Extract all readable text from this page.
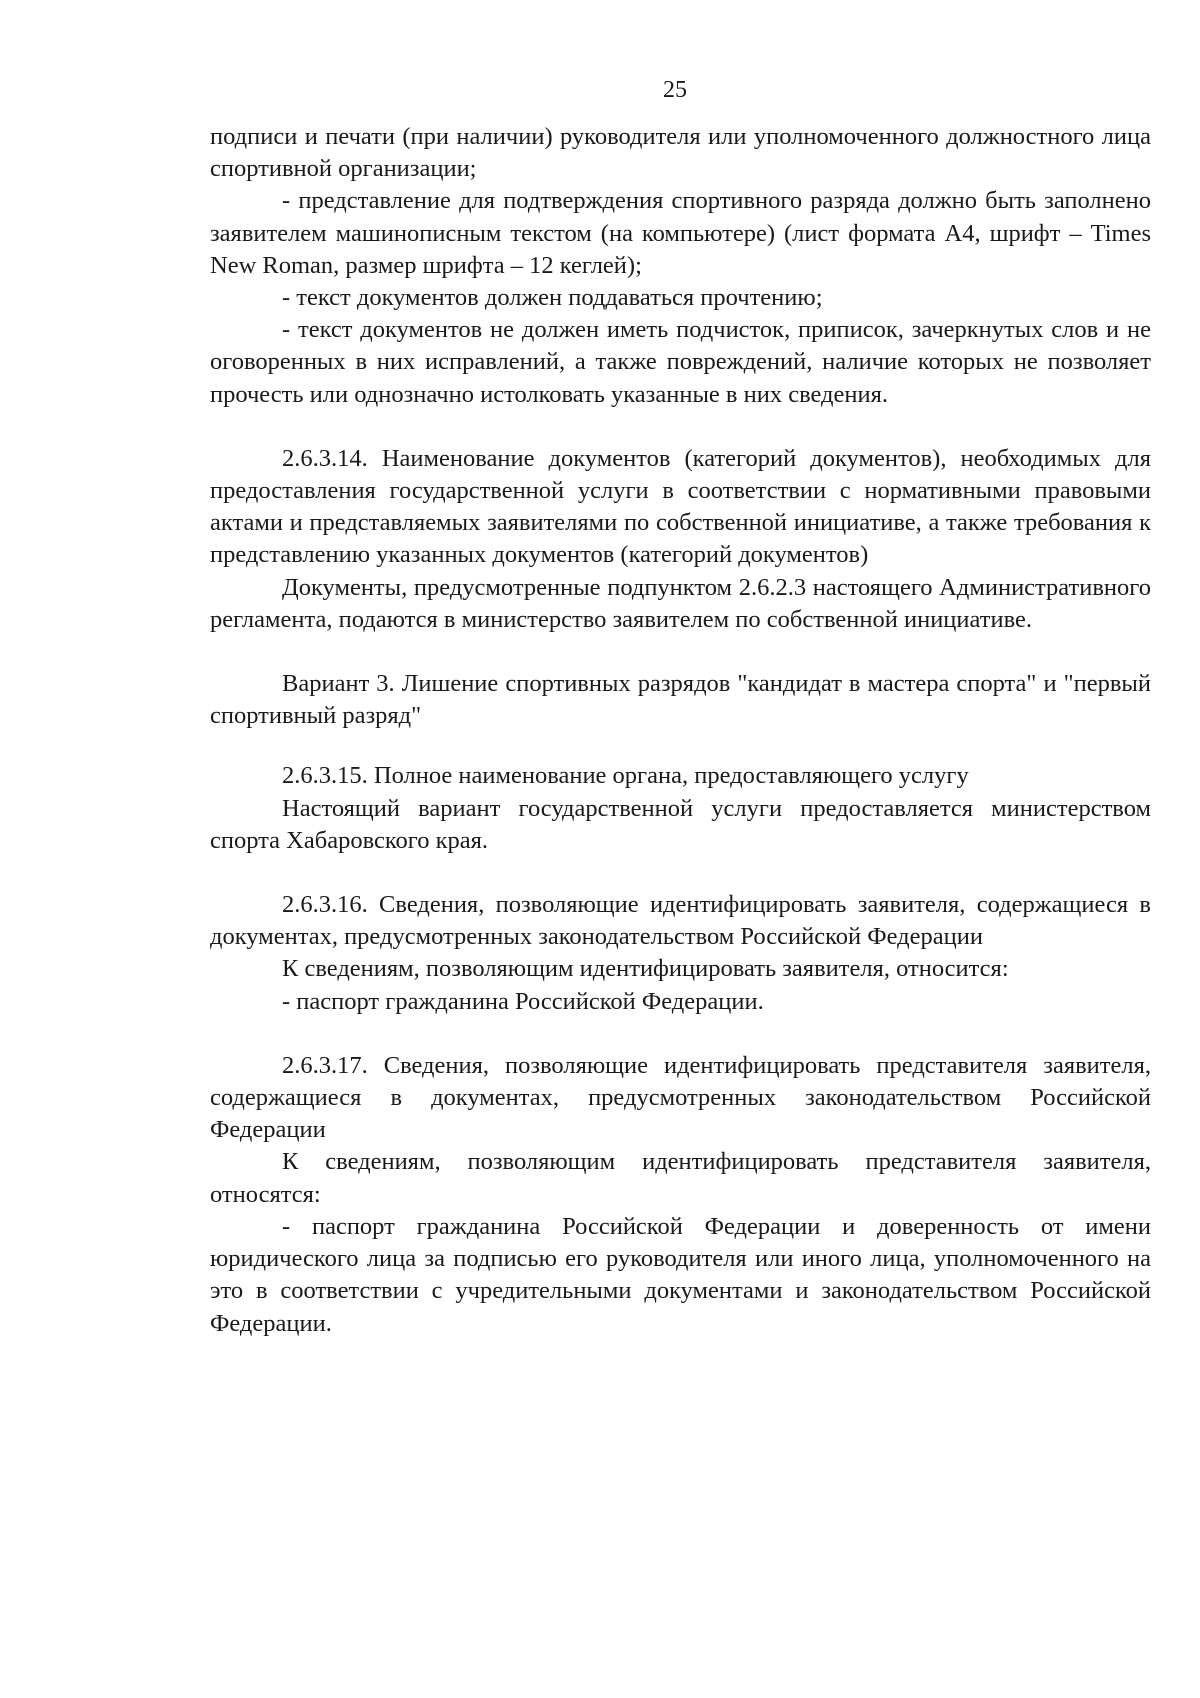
25

подписи и печати (при наличии) руководителя или уполномоченного должностного лица спортивной организации;

- представление для подтверждения спортивного разряда должно быть заполнено заявителем машинописным текстом (на компьютере) (лист формата А4, шрифт – Times New Roman, размер шрифта – 12 кеглей);

- текст документов должен поддаваться прочтению;

- текст документов не должен иметь подчисток, приписок, зачеркнутых слов и не оговоренных в них исправлений, а также повреждений, наличие которых не позволяет прочесть или однозначно истолковать указанные в них сведения.

2.6.3.14. Наименование документов (категорий документов), необходимых для предоставления государственной услуги в соответствии с нормативными правовыми актами и представляемых заявителями по собственной инициативе, а также требования к представлению указанных документов (категорий документов)

Документы, предусмотренные подпунктом 2.6.2.3 настоящего Административного регламента, подаются в министерство заявителем по собственной инициативе.

Вариант 3. Лишение спортивных разрядов "кандидат в мастера спорта" и "первый спортивный разряд"

2.6.3.15. Полное наименование органа, предоставляющего услугу

Настоящий вариант государственной услуги предоставляется министерством спорта Хабаровского края.

2.6.3.16. Сведения, позволяющие идентифицировать заявителя, содержащиеся в документах, предусмотренных законодательством Российской Федерации

К сведениям, позволяющим идентифицировать заявителя, относится:

- паспорт гражданина Российской Федерации.

2.6.3.17. Сведения, позволяющие идентифицировать представителя заявителя, содержащиеся в документах, предусмотренных законодательством Российской Федерации

К сведениям, позволяющим идентифицировать представителя заявителя, относятся:

- паспорт гражданина Российской Федерации и доверенность от имени юридического лица за подписью его руководителя или иного лица, уполномоченного на это в соответствии с учредительными документами и законодательством Российской Федерации.
